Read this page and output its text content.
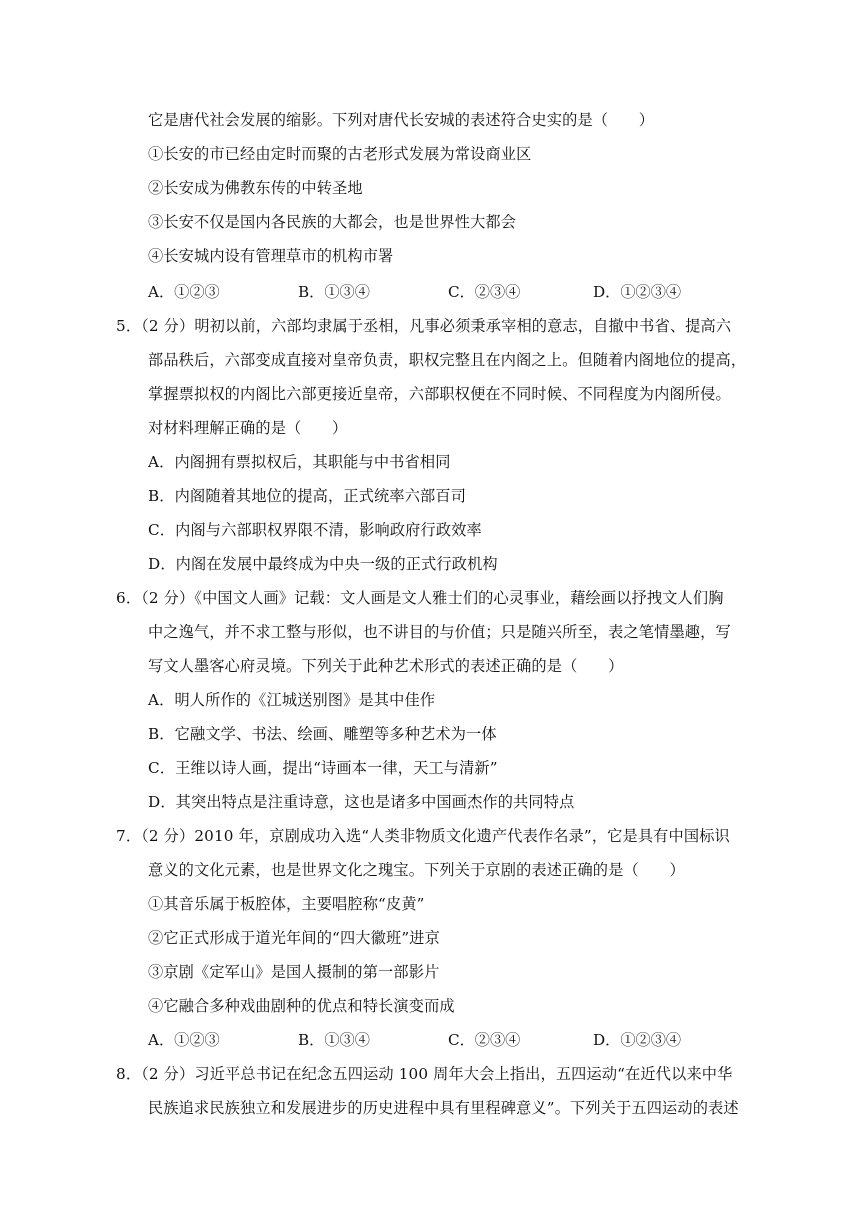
它是唐代社会发展的缩影。下列对唐代长安城的表述符合史实的是（　　）
①长安的市已经由定时而聚的古老形式发展为常设商业区
②长安成为佛教东传的中转圣地
③长安不仅是国内各民族的大都会，也是世界性大都会
④长安城内设有管理草市的机构市署
A．①②③	B．①③④	C．②③④	D．①②③④
5．（2 分）明初以前，六部均隶属于丞相，凡事必须秉承宰相的意志，自撤中书省、提高六
部品秩后，六部变成直接对皇帝负责，职权完整且在内阁之上。但随着内阁地位的提高，
掌握票拟权的内阁比六部更接近皇帝，六部职权便在不同时候、不同程度为内阁所侵。
对材料理解正确的是（　　）
A．内阁拥有票拟权后，其职能与中书省相同
B．内阁随着其地位的提高，正式统率六部百司
C．内阁与六部职权界限不清，影响政府行政效率
D．内阁在发展中最终成为中央一级的正式行政机构
6．（2 分）《中国文人画》记载：文人画是文人雅士们的心灵事业，藉绘画以抒拽文人们胸
中之逸气，并不求工整与形似，也不讲目的与价值；只是随兴所至，表之笔情墨趣，写
写文人墨客心府灵境。下列关于此种艺术形式的表述正确的是（　　）
A．明人所作的《江城送别图》是其中佳作
B．它融文学、书法、绘画、雕塑等多种艺术为一体
C．王维以诗人画，提出“诗画本一律，天工与清新”
D．其突出特点是注重诗意，这也是诸多中国画杰作的共同特点
7．（2 分）2010 年，京剧成功入选“人类非物质文化遗产代表作名录”，它是具有中国标识
意义的文化元素，也是世界文化之瑰宝。下列关于京剧的表述正确的是（　　）
①其音乐属于板腔体，主要唱腔称“皮黄”
②它正式形成于道光年间的“四大徽班”进京
③京剧《定军山》是国人摄制的第一部影片
④它融合多种戏曲剧种的优点和特长演变而成
A．①②③	B．①③④	C．②③④	D．①②③④
8．（2 分）习近平总书记在纪念五四运动 100 周年大会上指出，五四运动“在近代以来中华
民族追求民族独立和发展进步的历史进程中具有里程碑意义”。下列关于五四运动的表述
